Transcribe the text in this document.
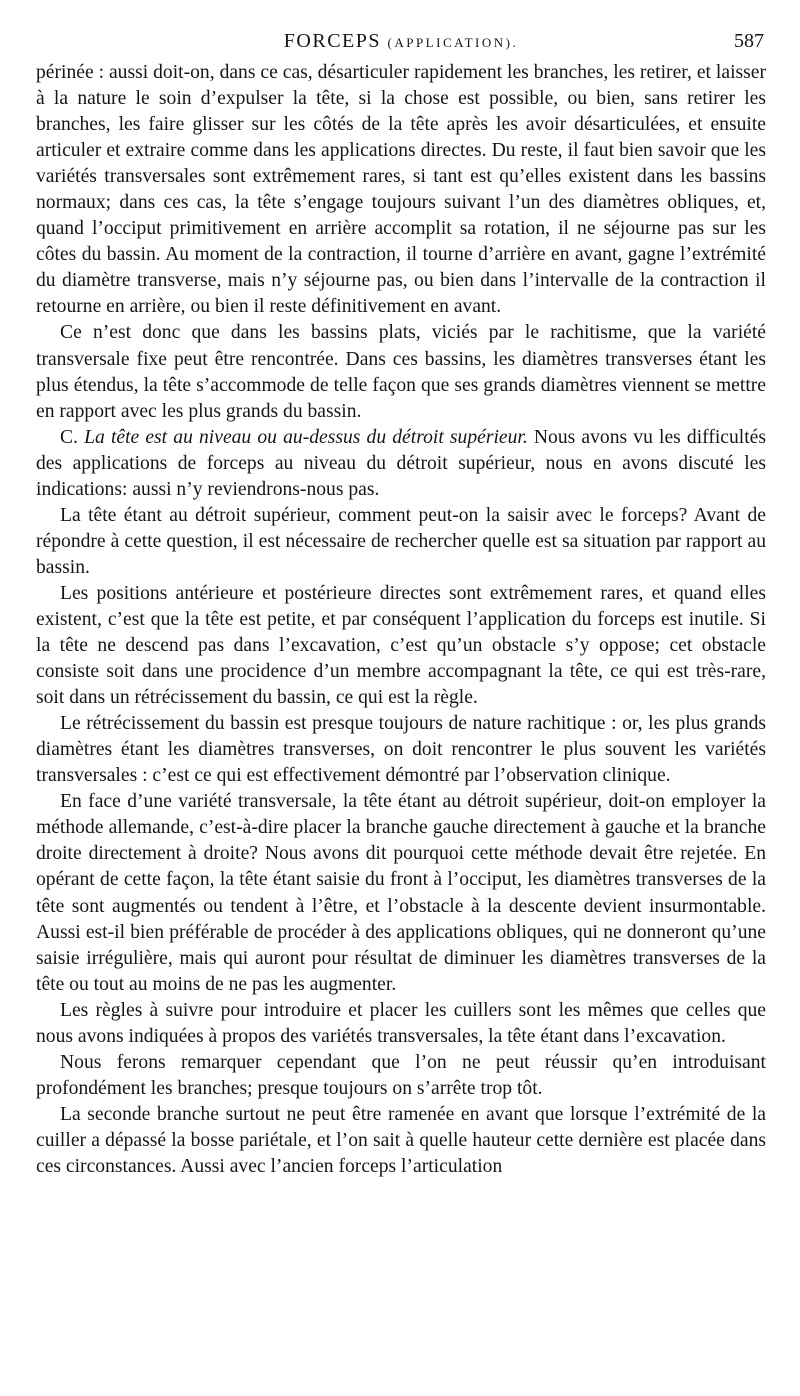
FORCEPS (APPLICATION).	587

périnée : aussi doit-on, dans ce cas, désarticuler rapidement les branches, les retirer, et laisser à la nature le soin d’expulser la tête, si la chose est possible, ou bien, sans retirer les branches, les faire glisser sur les côtés de la tête après les avoir désarticulées, et ensuite articuler et extraire comme dans les applications directes. Du reste, il faut bien savoir que les variétés transversales sont extrêmement rares, si tant est qu’elles existent dans les bassins normaux; dans ces cas, la tête s’engage toujours suivant l’un des diamètres obliques, et, quand l’occiput primitivement en arrière accomplit sa rotation, il ne séjourne pas sur les côtes du bassin. Au moment de la contraction, il tourne d’arrière en avant, gagne l’extrémité du diamètre transverse, mais n’y séjourne pas, ou bien dans l’intervalle de la contraction il retourne en arrière, ou bien il reste définitivement en avant.

Ce n’est donc que dans les bassins plats, viciés par le rachitisme, que la variété transversale fixe peut être rencontrée. Dans ces bassins, les diamètres transverses étant les plus étendus, la tête s’accommode de telle façon que ses grands diamètres viennent se mettre en rapport avec les plus grands du bassin.

C. La tête est au niveau ou au-dessus du détroit supérieur. Nous avons vu les difficultés des applications de forceps au niveau du détroit supérieur, nous en avons discuté les indications: aussi n’y reviendrons-nous pas.

La tête étant au détroit supérieur, comment peut-on la saisir avec le forceps? Avant de répondre à cette question, il est nécessaire de rechercher quelle est sa situation par rapport au bassin.

Les positions antérieure et postérieure directes sont extrêmement rares, et quand elles existent, c’est que la tête est petite, et par conséquent l’application du forceps est inutile. Si la tête ne descend pas dans l’excavation, c’est qu’un obstacle s’y oppose; cet obstacle consiste soit dans une procidence d’un membre accompagnant la tête, ce qui est très-rare, soit dans un rétrécissement du bassin, ce qui est la règle.

Le rétrécissement du bassin est presque toujours de nature rachitique : or, les plus grands diamètres étant les diamètres transverses, on doit rencontrer le plus souvent les variétés transversales : c’est ce qui est effectivement démontré par l’observation clinique.

En face d’une variété transversale, la tête étant au détroit supérieur, doit-on employer la méthode allemande, c’est-à-dire placer la branche gauche directement à gauche et la branche droite directement à droite? Nous avons dit pourquoi cette méthode devait être rejetée. En opérant de cette façon, la tête étant saisie du front à l’occiput, les diamètres transverses de la tête sont augmentés ou tendent à l’être, et l’obstacle à la descente devient insurmontable. Aussi est-il bien préférable de procéder à des applications obliques, qui ne donneront qu’une saisie irrégulière, mais qui auront pour résultat de diminuer les diamètres transverses de la tête ou tout au moins de ne pas les augmenter.

Les règles à suivre pour introduire et placer les cuillers sont les mêmes que celles que nous avons indiquées à propos des variétés transversales, la tête étant dans l’excavation.

Nous ferons remarquer cependant que l’on ne peut réussir qu’en introduisant profondément les branches; presque toujours on s’arrête trop tôt.

La seconde branche surtout ne peut être ramenée en avant que lorsque l’extrémité de la cuiller a dépassé la bosse pariétale, et l’on sait à quelle hauteur cette dernière est placée dans ces circonstances. Aussi avec l’ancien forceps l’articulation
